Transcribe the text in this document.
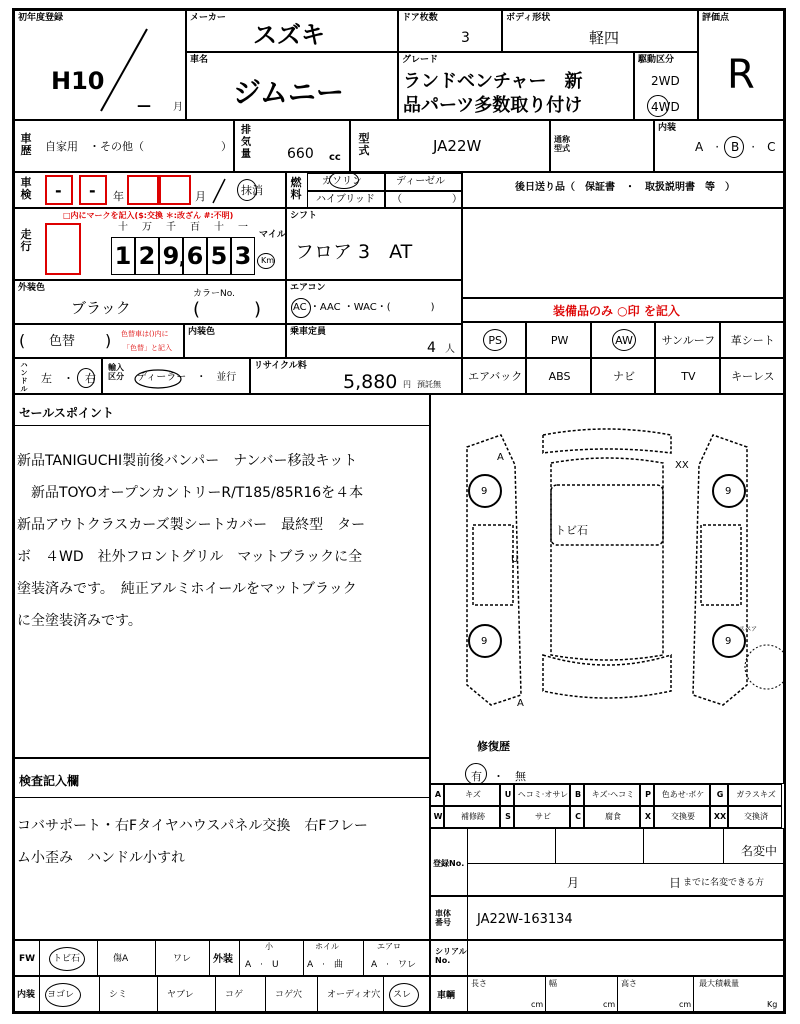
初年度登録
H10
— 月
メーカー
スズキ
ドア枚数
3
ボディ形状
軽四
車名
ジムニー
グレード
ランドベンチャー　新
品パーツ多数取り付け
駆動区分
2WD
4WD
評価点
R
車
歴 自家用　・その他（　　　　　　　）
排
気
量	660 cc
型
式	JA22W	通称
型式
内装
A　·　B　·　C
車
検 - - 年	月	抹消
燃
料
ガソリン	ディーゼル
ハイブリッド （　　　　　）
後日送り品（　保証書　・　取扱説明書　等　）
走
行
□内にマークを記入($:交換 ＊:改ざん #:不明)
1 2 9 6 5 3
十 万 千 百 十 一
,
マイル
Km
シフト
フロア 3　AT
外装色
ブラック
カラーNo.
(　　　)
エアコン
AC ・AAC ・WAC・(　　　　)	装備品のみ ○印 を記入
( 色替 ) 色替車は()内に
「色替」と記入
内装色	乗車定員
4 人
PS	PW	AW	サンルーフ	革シート
エアバック	ABS	ナビ	TV	キーレス
ハ
ン
ド
ル
左　・　右
輸入
区分	ディーラー　・　並行
リサイクル料
5,880 円 預託無
セールスポイント
新品TANIGUCHI製前後バンパー　ナンバー移設キット
　新品TOYOオープンカントリーR/T185/85R16を４本
新品アウトクラスカーズ製シートカバー　最終型　ター
ボ　４WD　社外フロントグリル　マットブラックに全
塗装済みです。　純正アルミホイールをマットブラック
に全塗装済みです。
A
XX
9	9
9	9
U
A
トビ石
スペア
修復歴
有　・　無
検査記入欄
コバサポート・右Fタイヤハウスパネル交換　右Fフレー
ム小歪み　ハンドル小すれ
A	キズ	U ヘコミ·オサレ B	キズ·ヘコミ	P	色あせ·ボケ	G	ガラスキズ
W	補修跡	S	サビ	C	腐食	X	交換要	XX	交換済
登録No.
名変中
月	日 までに名変できる方
車体
番号 JA22W-163134
FW トビ石	傷A	ワレ 外装
小
A　·　U
ホイル
A　·　曲
エアロ
A　·　ワレ
内装 ヨゴレ	シミ	ヤブレ	コゲ	コゲ穴	オーディオ穴 スレ
シリアル
No.
車輌
長さ
cm
幅
cm
高さ
cm
最大積載量
Kg
